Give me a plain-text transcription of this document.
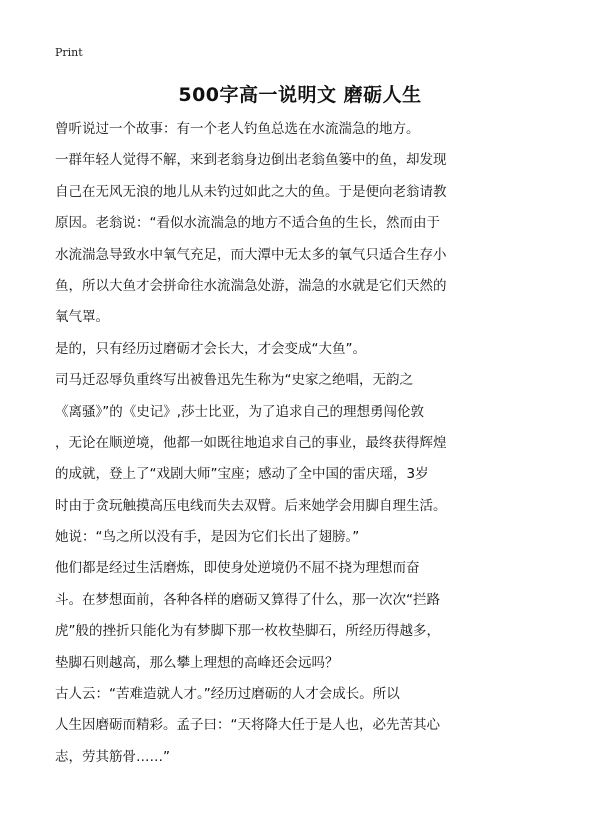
Print
500字高一说明文 磨砺人生
曾听说过一个故事：有一个老人钓鱼总选在水流湍急的地方。
一群年轻人觉得不解，来到老翁身边倒出老翁鱼篓中的鱼，却发现
自己在无风无浪的地儿从未钓过如此之大的鱼。于是便向老翁请教
原因。老翁说：“看似水流湍急的地方不适合鱼的生长，然而由于
水流湍急导致水中氧气充足，而大潭中无太多的氧气只适合生存小
鱼，所以大鱼才会拼命往水流湍急处游，湍急的水就是它们天然的
氧气罩。
是的，只有经历过磨砺才会长大，才会变成“大鱼”。
司马迁忍辱负重终写出被鲁迅先生称为“史家之绝唱，无韵之
《离骚》”的《史记》,莎士比亚，为了追求自己的理想勇闯伦敦
，无论在顺逆境，他都一如既往地追求自己的事业，最终获得辉煌
的成就，登上了“戏剧大师”宝座；感动了全中国的雷庆瑶，3岁
时由于贪玩触摸高压电线而失去双臂。后来她学会用脚自理生活。
她说：“鸟之所以没有手，是因为它们长出了翅膀。”
他们都是经过生活磨炼，即使身处逆境仍不屈不挠为理想而奋
斗。在梦想面前，各种各样的磨砺又算得了什么，那一次次“拦路
虎”般的挫折只能化为有梦脚下那一枚枚垫脚石，所经历得越多，
垫脚石则越高，那么攀上理想的高峰还会远吗？
古人云：“苦难造就人才。”经历过磨砺的人才会成长。所以
人生因磨砺而精彩。孟子曰：“天将降大任于是人也，必先苦其心
志，劳其筋骨……”
